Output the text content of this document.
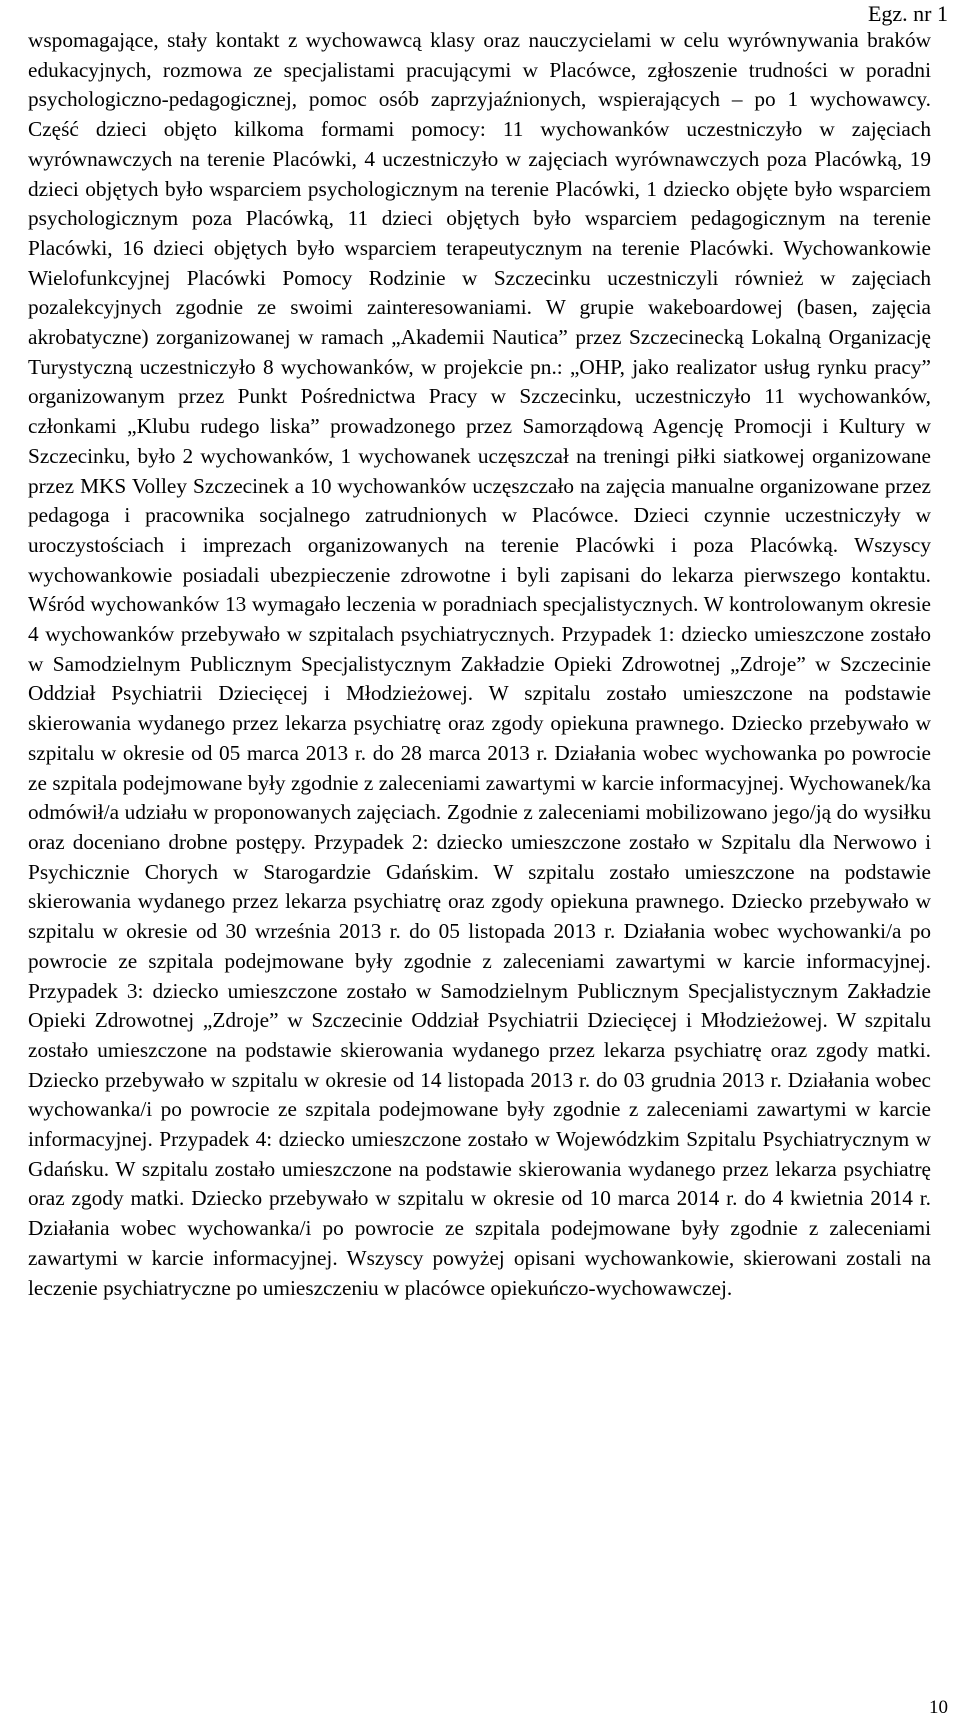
Egz. nr 1

wspomagające, stały kontakt z wychowawcą klasy oraz nauczycielami w celu wyrównywania braków edukacyjnych, rozmowa ze specjalistami pracującymi w Placówce, zgłoszenie trudności w poradni psychologiczno-pedagogicznej, pomoc osób zaprzyjaźnionych, wspierających – po 1 wychowawcy. Część dzieci objęto kilkoma formami pomocy: 11 wychowanków uczestniczyło w zajęciach wyrównawczych na terenie Placówki, 4 uczestniczyło w zajęciach wyrównawczych poza Placówką, 19 dzieci objętych było wsparciem psychologicznym na terenie Placówki, 1 dziecko objęte było wsparciem psychologicznym poza Placówką, 11 dzieci objętych było wsparciem pedagogicznym na terenie Placówki, 16 dzieci objętych było wsparciem terapeutycznym na terenie Placówki. Wychowankowie Wielofunkcyjnej Placówki Pomocy Rodzinie w Szczecinku uczestniczyli również w zajęciach pozalekcyjnych zgodnie ze swoimi zainteresowaniami. W grupie wakeboardowej (basen, zajęcia akrobatyczne) zorganizowanej w ramach „Akademii Nautica” przez Szczecinecką Lokalną Organizację Turystyczną uczestniczyło 8 wychowanków, w projekcie pn.: „OHP, jako realizator usług rynku pracy” organizowanym przez Punkt Pośrednictwa Pracy w Szczecinku, uczestniczyło 11 wychowanków, członkami „Klubu rudego liska” prowadzonego przez Samorządową Agencję Promocji i Kultury w Szczecinku, było 2 wychowanków, 1 wychowanek uczęszczał na treningi piłki siatkowej organizowane przez MKS Volley Szczecinek a 10 wychowanków uczęszczało na zajęcia manualne organizowane przez pedagoga i pracownika socjalnego zatrudnionych w Placówce. Dzieci czynnie uczestniczyły w uroczystościach i imprezach organizowanych na terenie Placówki i poza Placówką. Wszyscy wychowankowie posiadali ubezpieczenie zdrowotne i byli zapisani do lekarza pierwszego kontaktu. Wśród wychowanków 13 wymagało leczenia w poradniach specjalistycznych. W kontrolowanym okresie 4 wychowanków przebywało w szpitalach psychiatrycznych. Przypadek 1: dziecko umieszczone zostało w Samodzielnym Publicznym Specjalistycznym Zakładzie Opieki Zdrowotnej „Zdroje” w Szczecinie Oddział Psychiatrii Dziecięcej i Młodzieżowej. W szpitalu zostało umieszczone na podstawie skierowania wydanego przez lekarza psychiatrę oraz zgody opiekuna prawnego. Dziecko przebywało w szpitalu w okresie od 05 marca 2013 r. do 28 marca 2013 r. Działania wobec wychowanka po powrocie ze szpitala podejmowane były zgodnie z zaleceniami zawartymi w karcie informacyjnej. Wychowanek/ka odmówił/a udziału w proponowanych zajęciach. Zgodnie z zaleceniami mobilizowano jego/ją do wysiłku oraz doceniano drobne postępy. Przypadek 2: dziecko umieszczone zostało w Szpitalu dla Nerwowo i Psychicznie Chorych w Starogardzie Gdańskim. W szpitalu zostało umieszczone na podstawie skierowania wydanego przez lekarza psychiatrę oraz zgody opiekuna prawnego. Dziecko przebywało w szpitalu w okresie od 30 września 2013 r. do 05 listopada 2013 r. Działania wobec wychowanki/a po powrocie ze szpitala podejmowane były zgodnie z zaleceniami zawartymi w karcie informacyjnej. Przypadek 3: dziecko umieszczone zostało w Samodzielnym Publicznym Specjalistycznym Zakładzie Opieki Zdrowotnej „Zdroje” w Szczecinie Oddział Psychiatrii Dziecięcej i Młodzieżowej. W szpitalu zostało umieszczone na podstawie skierowania wydanego przez lekarza psychiatrę oraz zgody matki. Dziecko przebywało w szpitalu w okresie od 14 listopada 2013 r. do 03 grudnia 2013 r. Działania wobec wychowanka/i po powrocie ze szpitala podejmowane były zgodnie z zaleceniami zawartymi w karcie informacyjnej. Przypadek 4: dziecko umieszczone zostało w Wojewódzkim Szpitalu Psychiatrycznym w Gdańsku. W szpitalu zostało umieszczone na podstawie skierowania wydanego przez lekarza psychiatrę oraz zgody matki. Dziecko przebywało w szpitalu w okresie od 10 marca 2014 r. do 4 kwietnia 2014 r. Działania wobec wychowanka/i po powrocie ze szpitala podejmowane były zgodnie z zaleceniami zawartymi w karcie informacyjnej. Wszyscy powyżej opisani wychowankowie, skierowani zostali na leczenie psychiatryczne po umieszczeniu w placówce opiekuńczo-wychowawczej.

10
